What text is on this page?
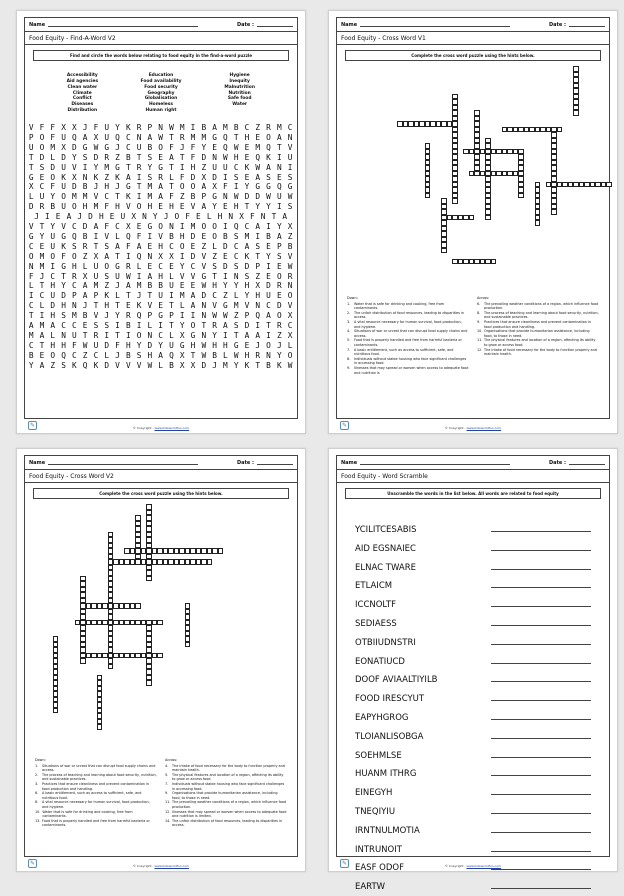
Name	Date :
Food Equity - Find-A-Word V2
Find and circle the words below relating to food equity in the find-a-word puzzle
Accessibility	Education	Hygiene
Aid agencies	Food availability	Inequity
Clean water	Food security	Malnutrition
Climate	Geography	Nutrition
Conflict	Globalisation	Safe food
Diseases	Homeless	Water
Distribution	Human right

V F F X X J F U Y K R P N W M I B A M B C Z R M C
P O F U Q A X U Q C N A W T R M M G Q T H E O A N
U O M X D G W G J C U B O F J F Y E Q W E M Q T V
T D L D Y S D R Z B T S E A T F D N W H E Q K I U
T S D U V I Y M G T R Y G T I H Z U U C K W A N I
G E O K X N K Z K A I S R L F D X D I S E A S E S
X C F U D B J H J G T M A T O O A X F I Y G G Q G
L U Y O M M V C T K I M A F Z B P G N W D D W U W
D R B U O H M F H V O H E H E V A Y E H T Y Y I S
J I E A J D H E U X N Y J O F E L H N X F N T A
V T Y V C D A F C X E G O N I M O O I Q C A I Y X
G Y U G Q B I V L Q F I V B H D E O B S M I B A Z
C E U K S R T S A F A E H C O E Z L D C A S E P B
O M O F O Z X A T I Q N X X I D V Z E C K T Y S V
N M I G H L U O G R L E C E Y C V S D S D P I E W
F J C T R X U S U W I A H L V V G T I N S Z E O R
L T H Y C A M Z J A M B B U E E W H Y Y H X D R N
I C U D P A P K L T J T U I M A D C Z L Y H U E O
C L D H N J T H T E K V E T L A N V G M V N C D V
T I H S M B V J Y R Q P G P I I N W W Z P Q A O X
A M A C C E S S I B I L I T Y O T R A S D I T R C
M A L N U T R I T I O N C L X G N Y I T A A I Z X
C T H H F W U D F H Y D Y U G H W H H G E J O J L
B E O Q C Z C L J B S H A Q X T W B L W H R N Y O
Y A Z S K Q K D V V V W L B X X D J M Y K T B K W
✎	© Copyright - www.kidsworldfun.com
Name	Date :
Food Equity - Cross Word V1
Complete the cross word puzzle using the hints below.
Down:
1.	Water that is safe for drinking and cooking, free from contaminants.
2.	The unfair distribution of food resources, leading to disparities in access.
3.	A vital resource necessary for human survival, food production, and hygiene.
4.	Situations of war or unrest that can disrupt food supply chains and access.
5.	Food that is properly handled and free from harmful bacteria or contaminants.
7.	A basic entitlement, such as access to sufficient, safe, and nutritious food.
8.	Individuals without stable housing who face significant challenges in accessing food.
9.	Illnesses that may spread or worsen when access to adequate food and nutrition is
Across:
6.	The prevailing weather conditions of a region, which influence food production.
8.	The process of teaching and learning about food security, nutrition, and sustainable practices.
9.	Practices that ensure cleanliness and prevent contamination in food production and handling.
10. Organisations that provide humanitarian assistance, including food, to those in need.
11. The physical features and location of a region, affecting its ability to grow or access food.
12. The intake of food necessary for the body to function properly and maintain health.
✎	© Copyright - www.kidsworldfun.com
Name	Date :
Food Equity - Cross Word V2
Complete the cross word puzzle using the hints below.
Down:
1.	Situations of war or unrest that can disrupt food supply chains and access.
2.	The process of teaching and learning about food security, nutrition, and sustainable practices.
3.	Practices that ensure cleanliness and prevent contamination in food production and handling.
6.	A basic entitlement, such as access to sufficient, safe, and nutritious food.
8.	A vital resource necessary for human survival, food production, and hygiene.
10. Water that is safe for drinking and cooking, free from contaminants.
13. Food that is properly handled and free from harmful bacteria or contaminants.
Across:
4.	The intake of food necessary for the body to function properly and maintain health.
5.	The physical features and location of a region, affecting its ability to grow or access food.
7.	Individuals without stable housing who face significant challenges in accessing food.
9.	Organisations that provide humanitarian assistance, including food, to those in need.
11. The prevailing weather conditions of a region, which influence food production.
12. Illnesses that may spread or worsen when access to adequate food and nutrition is limited.
14. The unfair distribution of food resources, leading to disparities in access.
✎	© Copyright - www.kidsworldfun.com
Name	Date :
Food Equity - Word Scramble
Unscramble the words in the list below. All words are related to food equity
YCILITCESABIS
AID EGSNAIEC
ELNAC TWARE
ETLAICM
ICCNOLTF
SEDIAESS
OTBIIUDNSTRI
EONATIUCD
DOOF AVIAALTIYILB
FOOD IRESCYUT
EAPYHGROG
TLOIANLISOBGA
SOEHMLSE
HUANM ITHRG
EINEGYH
TNEQIYIU
IRNTNULMOTIA
INTRUNOIT
EASF ODOF
EARTW
✎	© Copyright - www.kidsworldfun.com
